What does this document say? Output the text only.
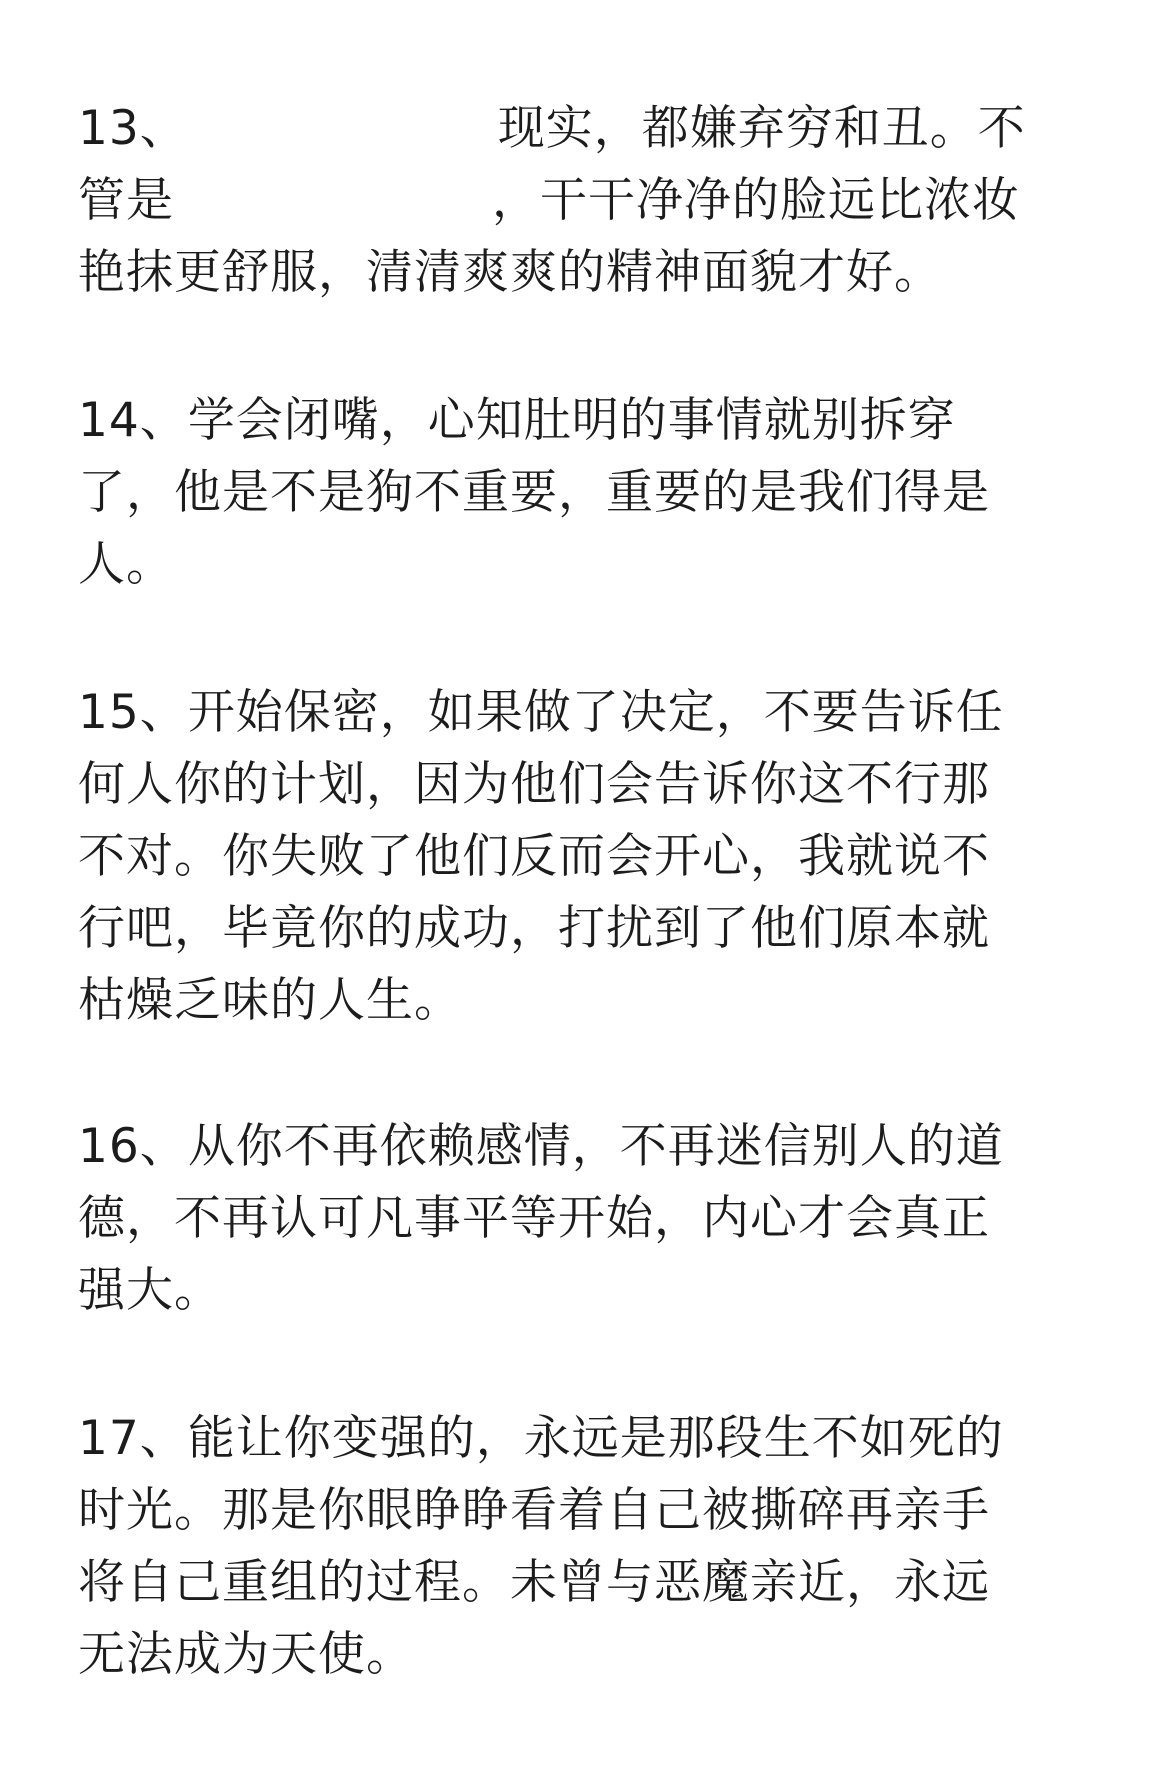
13、	现实，都嫌弃穷和丑。不
管是	，干干净净的脸远比浓妆
艳抹更舒服，清清爽爽的精神面貌才好。

14、学会闭嘴，心知肚明的事情就别拆穿
了，他是不是狗不重要，重要的是我们得是
人。

15、开始保密，如果做了决定，不要告诉任
何人你的计划，因为他们会告诉你这不行那
不对。你失败了他们反而会开心，我就说不
行吧，毕竟你的成功，打扰到了他们原本就
枯燥乏味的人生。

16、从你不再依赖感情，不再迷信别人的道
德，不再认可凡事平等开始，内心才会真正
强大。

17、能让你变强的，永远是那段生不如死的
时光。那是你眼睁睁看着自己被撕碎再亲手
将自己重组的过程。未曾与恶魔亲近，永远
无法成为天使。
